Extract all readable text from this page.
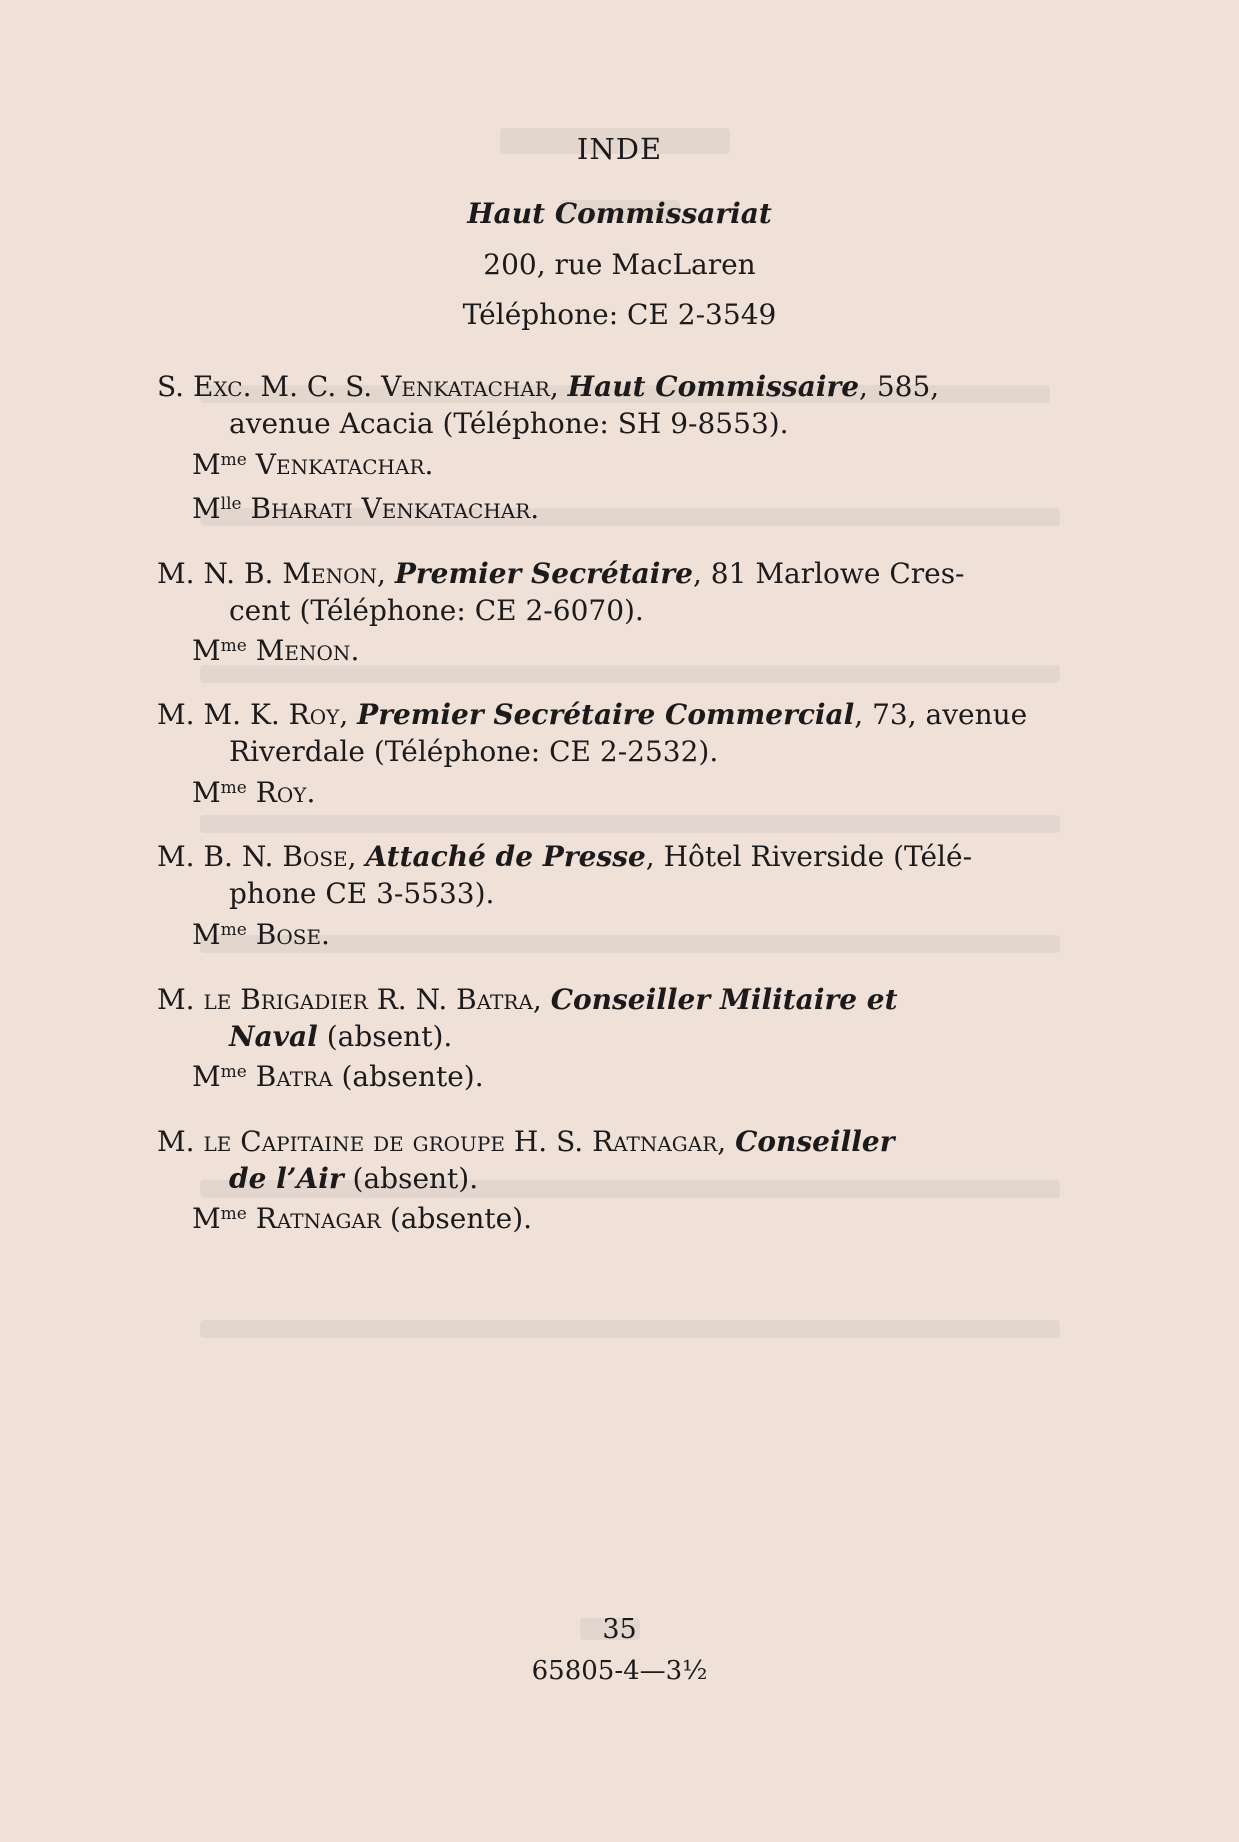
INDE
Haut Commissariat
200, rue MacLaren
Téléphone: CE 2-3549
S. Exc. M. C. S. Venkatachar, Haut Commissaire, 585,
avenue Acacia (Téléphone: SH 9-8553).
$M^{me}$ Venkatachar.
$M^{lle}$ Bharati Venkatachar.
M. N. B. Menon, Premier Secrétaire, 81 Marlowe Cres-
cent (Téléphone: CE 2-6070).
$M^{me}$ Menon.
M. M. K. Roy, Premier Secrétaire Commercial, 73, avenue
Riverdale (Téléphone: CE 2-2532).
$M^{me}$ Roy.
M. B. N. Bose, Attaché de Presse, Hôtel Riverside (Télé-
phone CE 3-5533).
$M^{me}$ Bose.
M. le Brigadier R. N. Batra, Conseiller Militaire et
Naval (absent).
$M^{me}$ Batra (absente).
M. le Capitaine de groupe H. S. Ratnagar, Conseiller
de l’Air (absent).
$M^{me}$ Ratnagar (absente).
35
65805-4—3½
